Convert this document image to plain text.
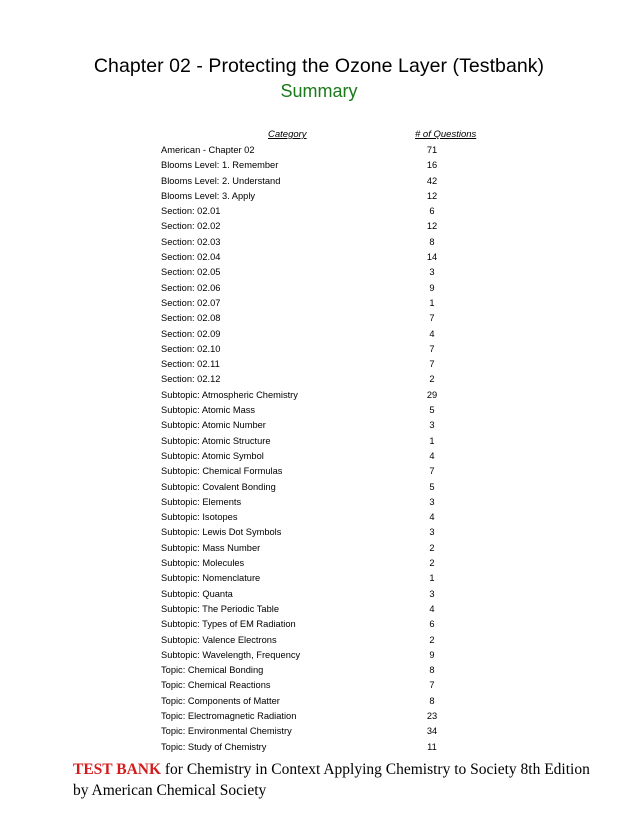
Chapter 02 - Protecting the Ozone Layer (Testbank)
Summary
Category	# of Questions
American - Chapter 02	71
Blooms Level: 1. Remember	16
Blooms Level: 2. Understand	42
Blooms Level: 3. Apply	12
Section: 02.01	6
Section: 02.02	12
Section: 02.03	8
Section: 02.04	14
Section: 02.05	3
Section: 02.06	9
Section: 02.07	1
Section: 02.08	7
Section: 02.09	4
Section: 02.10	7
Section: 02.11	7
Section: 02.12	2
Subtopic: Atmospheric Chemistry	29
Subtopic: Atomic Mass	5
Subtopic: Atomic Number	3
Subtopic: Atomic Structure	1
Subtopic: Atomic Symbol	4
Subtopic: Chemical Formulas	7
Subtopic: Covalent Bonding	5
Subtopic: Elements	3
Subtopic: Isotopes	4
Subtopic: Lewis Dot Symbols	3
Subtopic: Mass Number	2
Subtopic: Molecules	2
Subtopic: Nomenclature	1
Subtopic: Quanta	3
Subtopic: The Periodic Table	4
Subtopic: Types of EM Radiation	6
Subtopic: Valence Electrons	2
Subtopic: Wavelength, Frequency	9
Topic: Chemical Bonding	8
Topic: Chemical Reactions	7
Topic: Components of Matter	8
Topic: Electromagnetic Radiation	23
Topic: Environmental Chemistry	34
Topic: Study of Chemistry	11
TEST BANK for Chemistry in Context Applying Chemistry to Society 8th Edition by American Chemical Society
